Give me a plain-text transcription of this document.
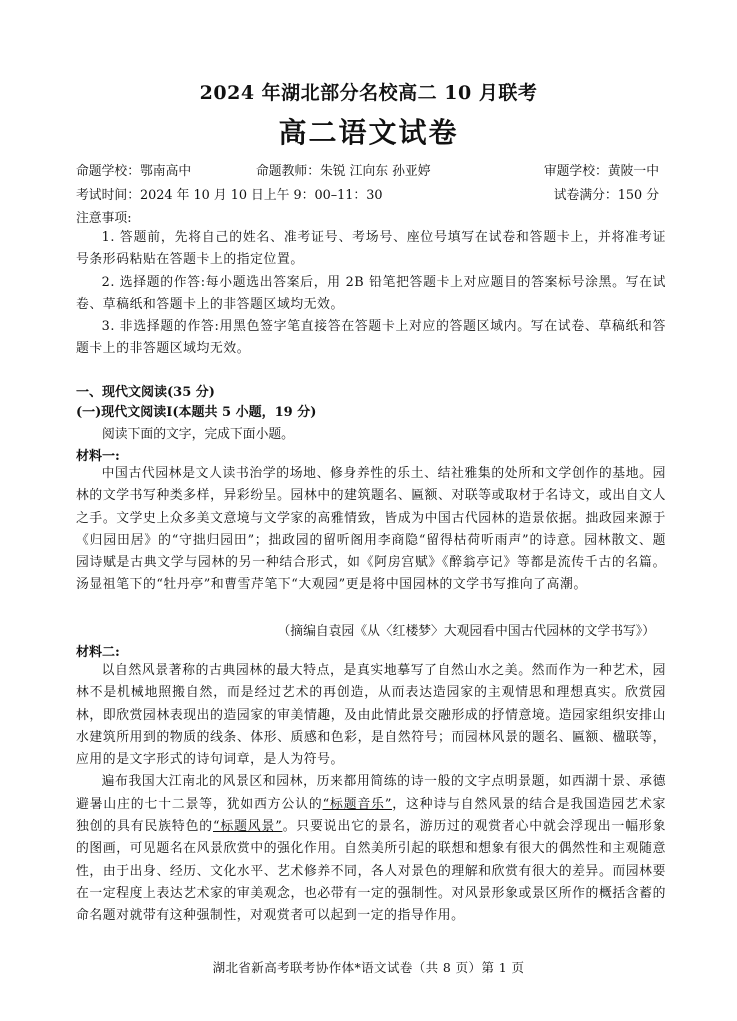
2024 年湖北部分名校高二 10 月联考
高二语文试卷
命题学校：鄂南高中	命题教师：朱锐 江向东 孙亚婷	审题学校：黄陂一中
考试时间：2024 年 10 月 10 日上午 9：00–11：30	试卷满分：150 分
注意事项:

1. 答题前，先将自己的姓名、准考证号、考场号、座位号填写在试卷和答题卡上，并将准考证号条形码粘贴在答题卡上的指定位置。

2. 选择题的作答:每小题选出答案后，用 2B 铅笔把答题卡上对应题目的答案标号涂黑。写在试卷、草稿纸和答题卡上的非答题区域均无效。

3. 非选择题的作答:用黑色签字笔直接答在答题卡上对应的答题区域内。写在试卷、草稿纸和答题卡上的非答题区域均无效。

一、现代文阅读(35 分)
(一)现代文阅读Ⅰ(本题共 5 小题，19 分)
阅读下面的文字，完成下面小题。
材料一:

中国古代园林是文人读书治学的场地、修身养性的乐土、结社雅集的处所和文学创作的基地。园林的文学书写种类多样，异彩纷呈。园林中的建筑题名、匾额、对联等或取材于名诗文，或出自文人之手。文学史上众多美文意境与文学家的高雅情致，皆成为中国古代园林的造景依据。拙政园来源于《归园田居》的“守拙归园田”；拙政园的留听阁用李商隐“留得枯荷听雨声”的诗意。园林散文、题园诗赋是古典文学与园林的另一种结合形式，如《阿房宫赋》《醉翁亭记》等都是流传千古的名篇。汤显祖笔下的“牡丹亭”和曹雪芹笔下“大观园”更是将中国园林的文学书写推向了高潮。

（摘编自袁园《从〈红楼梦〉大观园看中国古代园林的文学书写》）
材料二:

以自然风景著称的古典园林的最大特点，是真实地摹写了自然山水之美。然而作为一种艺术，园林不是机械地照搬自然，而是经过艺术的再创造，从而表达造园家的主观情思和理想真实。欣赏园林，即欣赏园林表现出的造园家的审美情趣，及由此情此景交融形成的抒情意境。造园家组织安排山水建筑所用到的物质的线条、体形、质感和色彩，是自然符号；而园林风景的题名、匾额、楹联等，应用的是文字形式的诗句词章，是人为符号。

遍布我国大江南北的风景区和园林，历来都用简练的诗一般的文字点明景题，如西湖十景、承德避暑山庄的七十二景等，犹如西方公认的“标题音乐”，这种诗与自然风景的结合是我国造园艺术家独创的具有民族特色的“标题风景”。只要说出它的景名，游历过的观赏者心中就会浮现出一幅形象的图画，可见题名在风景欣赏中的强化作用。自然美所引起的联想和想象有很大的偶然性和主观随意性，由于出身、经历、文化水平、艺术修养不同，各人对景色的理解和欣赏有很大的差异。而园林要在一定程度上表达艺术家的审美观念，也必带有一定的强制性。对风景形象或景区所作的概括含蓄的命名题对就带有这种强制性，对观赏者可以起到一定的指导作用。

湖北省新高考联考协作体*语文试卷（共 8 页）第 1 页
